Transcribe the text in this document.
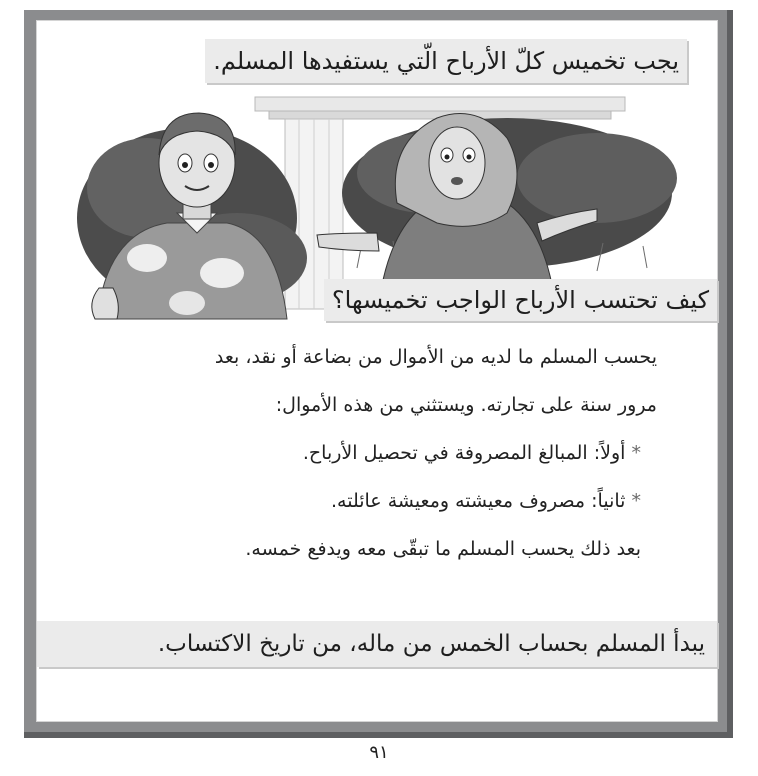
يجب تخميس كلّ الأرباح الّتي يستفيدها المسلم.
كيف تحتسب الأرباح الواجب تخميسها؟
يحسب المسلم ما لديه من الأموال من بضاعة أو نقد، بعد
مرور سنة على تجارته. ويستثني من هذه الأموال:
* أولاً: المبالغ المصروفة في تحصيل الأرباح.
* ثانياً: مصروف معيشته ومعيشة عائلته.
بعد ذلك يحسب المسلم ما تبقّى معه ويدفع خمسه.
يبدأ المسلم بحساب الخمس من ماله، من تاريخ الاكتساب.
٩١
